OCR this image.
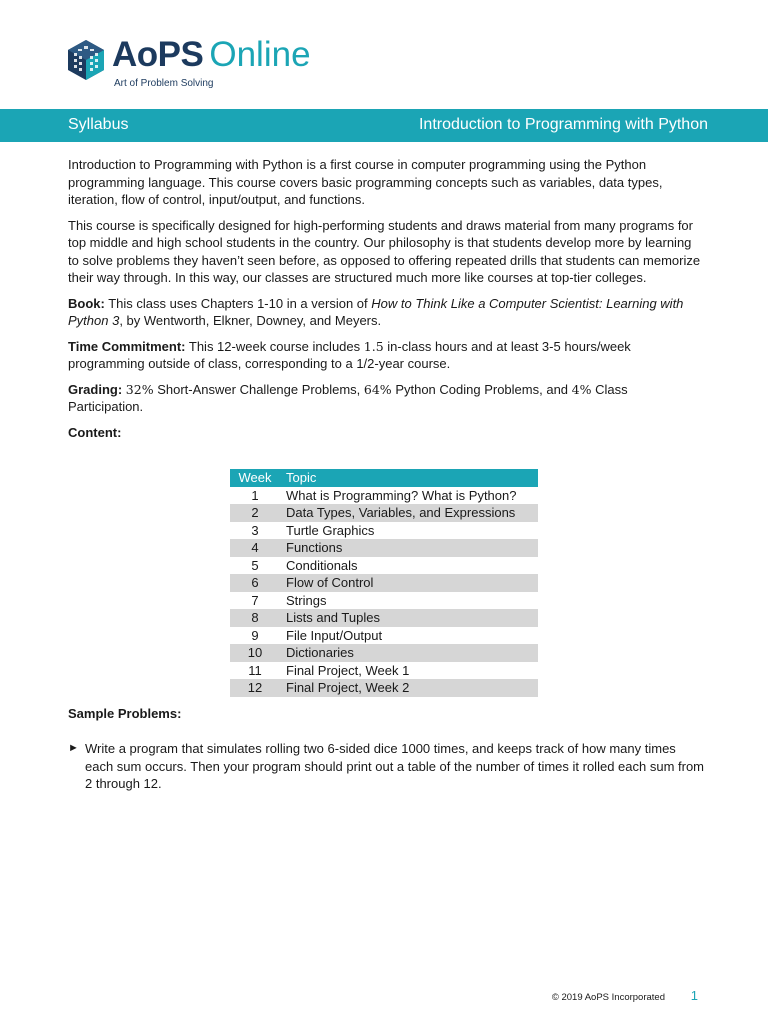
AoPS Online
Art of Problem Solving
Syllabus	Introduction to Programming with Python

Introduction to Programming with Python is a first course in computer programming using the Python programming language. This course covers basic programming concepts such as variables, data types, iteration, flow of control, input/output, and functions.

This course is specifically designed for high-performing students and draws material from many programs for top middle and high school students in the country. Our philosophy is that students develop more by learning to solve problems they haven’t seen before, as opposed to offering repeated drills that students can memorize their way through. In this way, our classes are structured much more like courses at top-tier colleges.

Book: This class uses Chapters 1-10 in a version of How to Think Like a Computer Scientist: Learning with Python 3, by Wentworth, Elkner, Downey, and Meyers.

Time Commitment: This 12-week course includes 1.5 in-class hours and at least 3-5 hours/week programming outside of class, corresponding to a 1/2-year course.

Grading: 32% Short-Answer Challenge Problems, 64% Python Coding Problems, and 4% Class Participation.

Content:
Week	Topic
1	What is Programming? What is Python?
2	Data Types, Variables, and Expressions
3	Turtle Graphics
4	Functions
5	Conditionals
6	Flow of Control
7	Strings
8	Lists and Tuples
9	File Input/Output
10	Dictionaries
11	Final Project, Week 1
12	Final Project, Week 2
Sample Problems:
► Write a program that simulates rolling two 6-sided dice 1000 times, and keeps track of how many times each sum occurs. Then your program should print out a table of the number of times it rolled each sum from 2 through 12.
© 2019 AoPS Incorporated 1
